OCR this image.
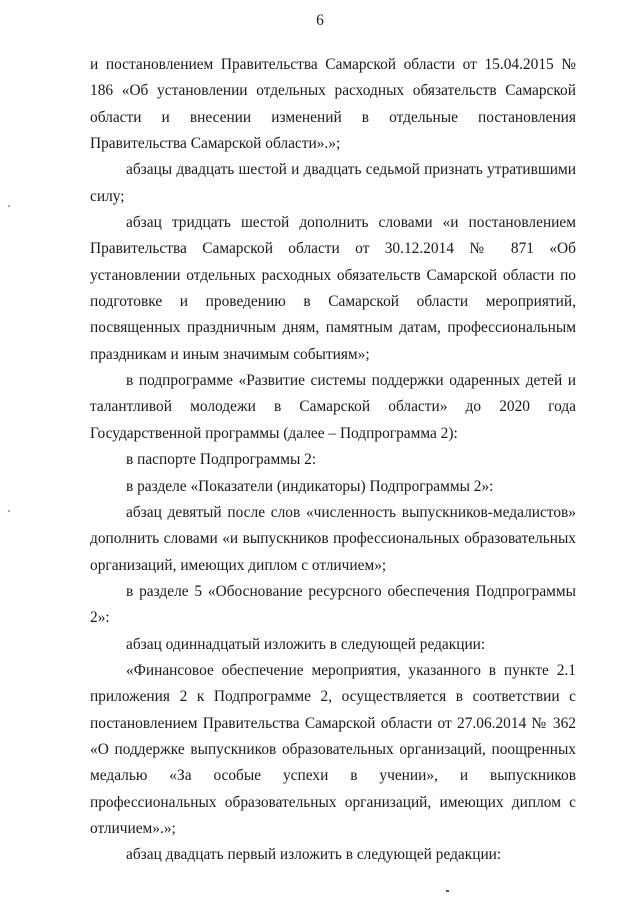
6

и постановлением Правительства Самарской области от 15.04.2015 № 186 «Об установлении отдельных расходных обязательств Самарской области и внесении изменений в отдельные постановления Правительства Самарской области».»;

абзацы двадцать шестой и двадцать седьмой признать утратившими силу;

абзац тридцать шестой дополнить словами «и постановлением Правительства Самарской области от 30.12.2014 № 871 «Об установлении отдельных расходных обязательств Самарской области по подготовке и проведению в Самарской области мероприятий, посвященных праздничным дням, памятным датам, профессиональным праздникам и иным значимым событиям»;

в подпрограмме «Развитие системы поддержки одаренных детей и талантливой молодежи в Самарской области» до 2020 года Государственной программы (далее – Подпрограмма 2):

в паспорте Подпрограммы 2:

в разделе «Показатели (индикаторы) Подпрограммы 2»:

абзац девятый после слов «численность выпускников-медалистов» дополнить словами «и выпускников профессиональных образовательных организаций, имеющих диплом с отличием»;

в разделе 5 «Обоснование ресурсного обеспечения Подпрограммы 2»:

абзац одиннадцатый изложить в следующей редакции:

«Финансовое обеспечение мероприятия, указанного в пункте 2.1 приложения 2 к Подпрограмме 2, осуществляется в соответствии с постановлением Правительства Самарской области от 27.06.2014 № 362 «О поддержке выпускников образовательных организаций, поощренных медалью «За особые успехи в учении», и выпускников профессиональных образовательных организаций, имеющих диплом с отличием».»;

абзац двадцать первый изложить в следующей редакции:
